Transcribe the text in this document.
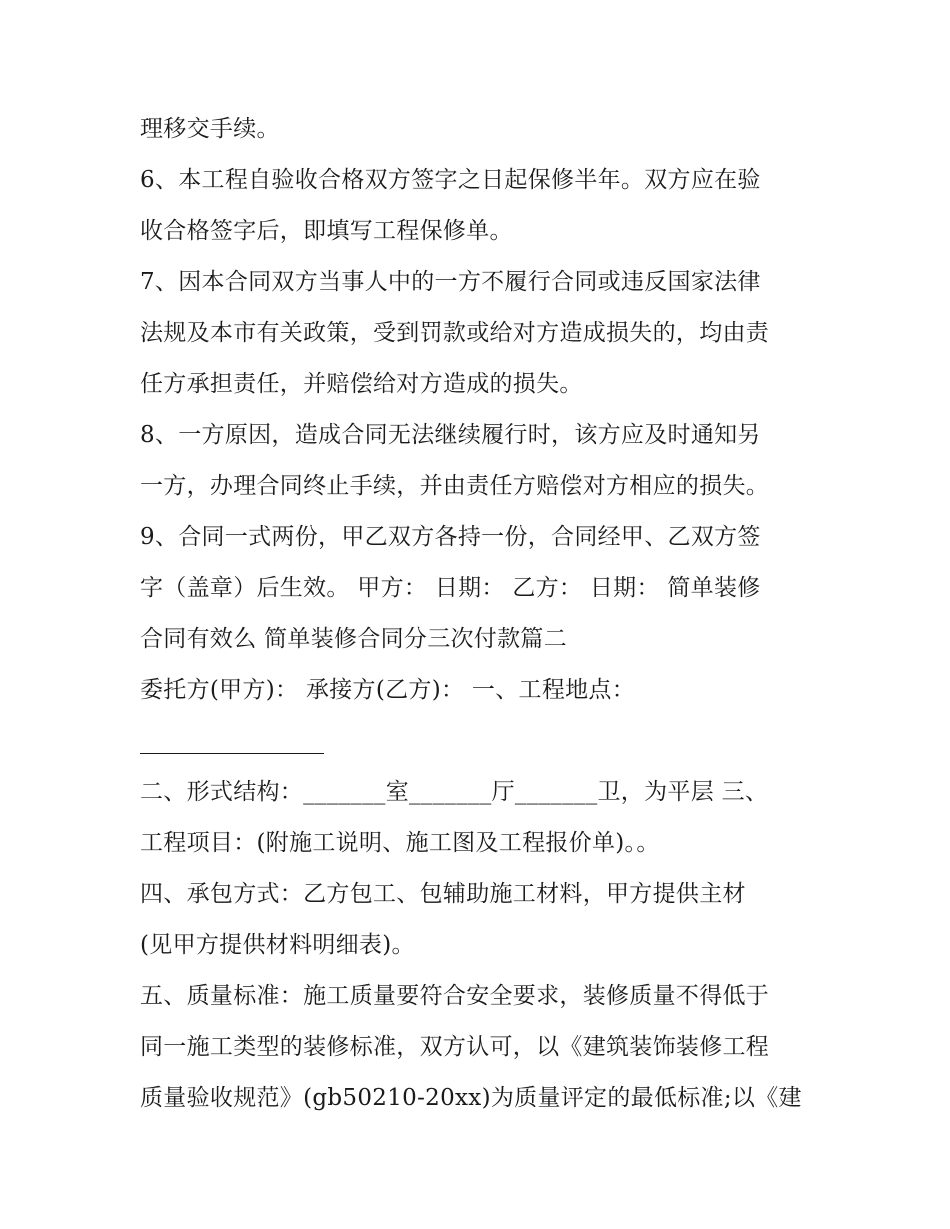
理移交手续。
6、本工程自验收合格双方签字之日起保修半年。双方应在验
收合格签字后，即填写工程保修单。
7、因本合同双方当事人中的一方不履行合同或违反国家法律
法规及本市有关政策，受到罚款或给对方造成损失的，均由责
任方承担责任，并赔偿给对方造成的损失。
8、一方原因，造成合同无法继续履行时，该方应及时通知另
一方，办理合同终止手续，并由责任方赔偿对方相应的损失。
9、合同一式两份，甲乙双方各持一份，合同经甲、乙双方签
字（盖章）后生效。 甲方： 日期： 乙方： 日期： 简单装修
合同有效么 简单装修合同分三次付款篇二
委托方(甲方)： 承接方(乙方)： 一、工程地点：
二、形式结构：_______室_______厅_______卫，为平层 三、
工程项目：(附施工说明、施工图及工程报价单)。。
四、承包方式：乙方包工、包辅助施工材料，甲方提供主材
(见甲方提供材料明细表)。
五、质量标准：施工质量要符合安全要求，装修质量不得低于
同一施工类型的装修标准，双方认可，以《建筑装饰装修工程
质量验收规范》(gb50210-20xx)为质量评定的最低标准;以《建
